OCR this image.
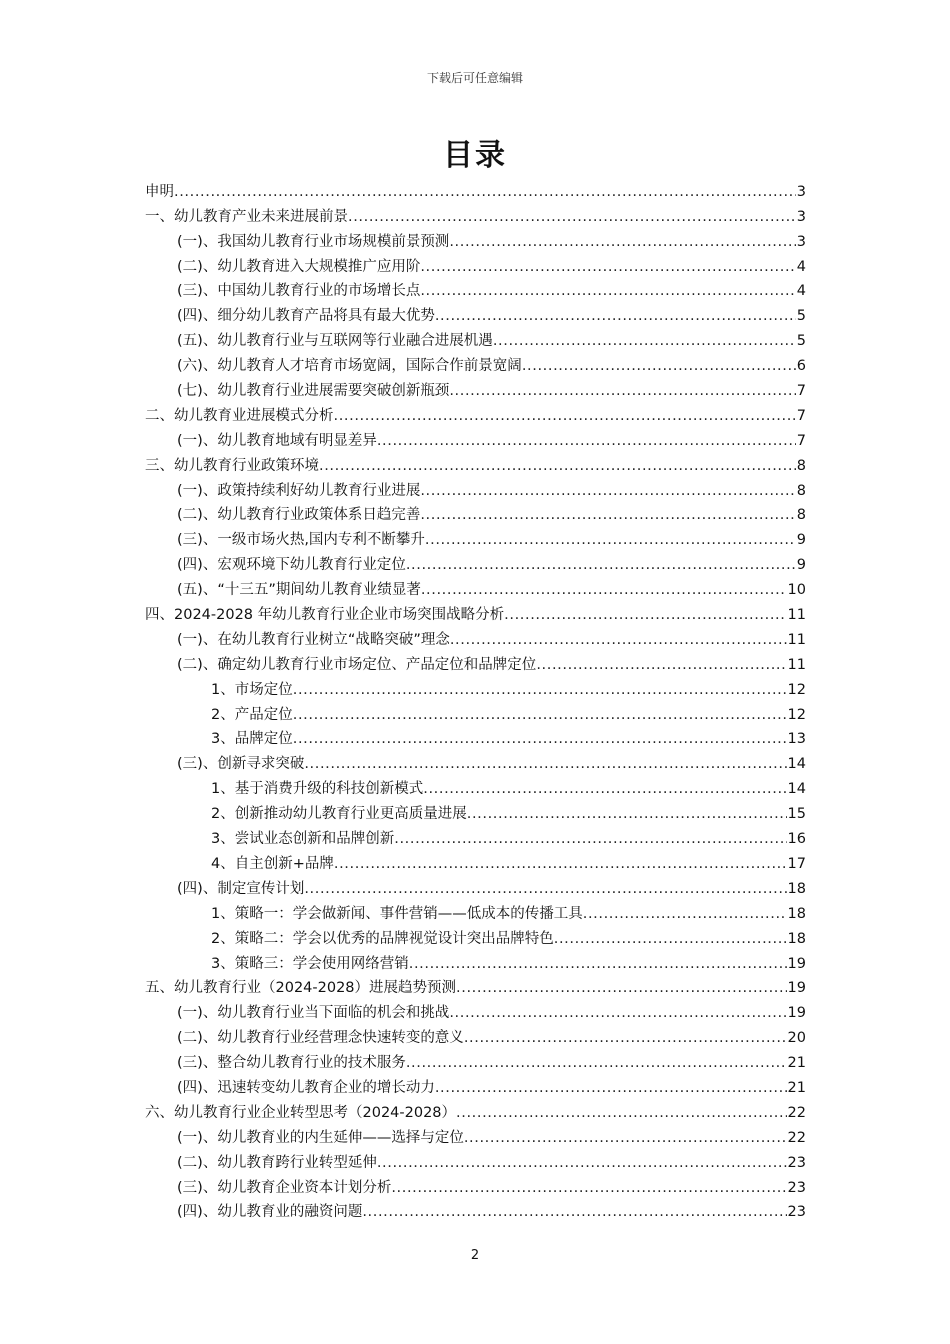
下载后可任意编辑
目录
申明 .....	3
一、幼儿教育产业未来进展前景 .....	3
(一)、我国幼儿教育行业市场规模前景预测 .....	3
(二)、幼儿教育进入大规模推广应用阶 .....	4
(三)、中国幼儿教育行业的市场增长点 .....	4
(四)、细分幼儿教育产品将具有最大优势 .....	5
(五)、幼儿教育行业与互联网等行业融合进展机遇 .....	5
(六)、幼儿教育人才培育市场宽阔，国际合作前景宽阔 .....	6
(七)、幼儿教育行业进展需要突破创新瓶颈 .....	7
二、幼儿教育业进展模式分析 .....	7
(一)、幼儿教育地域有明显差异 .....	7
三、幼儿教育行业政策环境 .....	8
(一)、政策持续利好幼儿教育行业进展 .....	8
(二)、幼儿教育行业政策体系日趋完善 .....	8
(三)、一级市场火热,国内专利不断攀升 .....	9
(四)、宏观环境下幼儿教育行业定位 .....	9
(五)、“十三五”期间幼儿教育业绩显著 .....	10
四、2024-2028 年幼儿教育行业企业市场突围战略分析 .....	11
(一)、在幼儿教育行业树立“战略突破”理念 .....	11
(二)、确定幼儿教育行业市场定位、产品定位和品牌定位 .....	11
1、市场定位 .....	12
2、产品定位 .....	12
3、品牌定位 .....	13
(三)、创新寻求突破 .....	14
1、基于消费升级的科技创新模式 .....	14
2、创新推动幼儿教育行业更高质量进展 .....	15
3、尝试业态创新和品牌创新 .....	16
4、自主创新+品牌 .....	17
(四)、制定宣传计划 .....	18
1、策略一：学会做新闻、事件营销——低成本的传播工具 .....	18
2、策略二：学会以优秀的品牌视觉设计突出品牌特色 .....	18
3、策略三：学会使用网络营销 .....	19
五、幼儿教育行业（2024-2028）进展趋势预测 .....	19
(一)、幼儿教育行业当下面临的机会和挑战 .....	19
(二)、幼儿教育行业经营理念快速转变的意义 .....	20
(三)、整合幼儿教育行业的技术服务 .....	21
(四)、迅速转变幼儿教育企业的增长动力 .....	21
六、幼儿教育行业企业转型思考（2024-2028） .....	22
(一)、幼儿教育业的内生延伸——选择与定位 .....	22
(二)、幼儿教育跨行业转型延伸 .....	23
(三)、幼儿教育企业资本计划分析 .....	23
(四)、幼儿教育业的融资问题 .....	23
2
